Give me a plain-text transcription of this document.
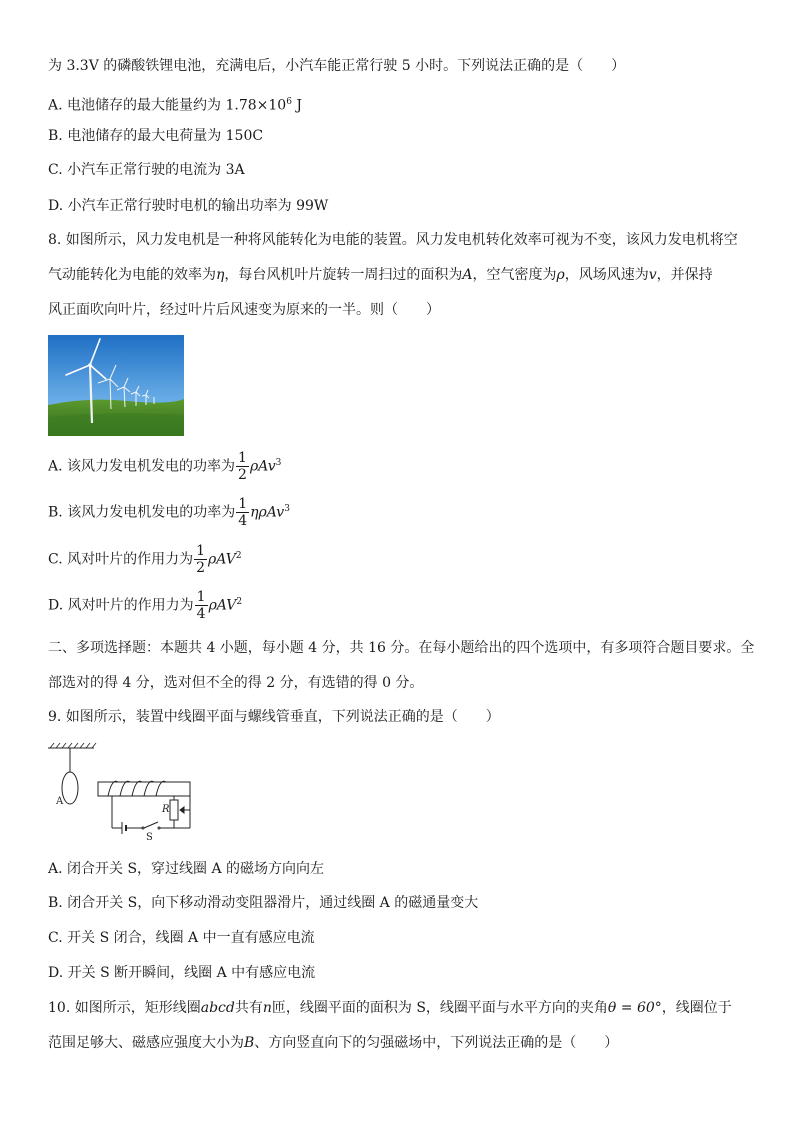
为 3.3V 的磷酸铁锂电池，充满电后，小汽车能正常行驶 5 小时。下列说法正确的是（　　）
A. 电池储存的最大能量约为 $1.78\times 10^6$ J
B. 电池储存的最大电荷量为 150C
C. 小汽车正常行驶的电流为 3A
D. 小汽车正常行驶时电机的输出功率为 99W
8. 如图所示，风力发电机是一种将风能转化为电能的装置。风力发电机转化效率可视为不变，该风力发电机将空
气动能转化为电能的效率为η，每台风机叶片旋转一周扫过的面积为A，空气密度为ρ，风场风速为v，并保持
风正面吹向叶片，经过叶片后风速变为原来的一半。则（　　）
A. 该风力发电机发电的功率为 $\frac{1}{2} \rho Av^3$
B. 该风力发电机发电的功率为 $\frac{1}{4} \eta\rho Av^3$
C. 风对叶片的作用力为 $\frac{1}{2} \rho AV^2$
D. 风对叶片的作用力为 $\frac{1}{4} \rho AV^2$
二、多项选择题：本题共 4 小题，每小题 4 分，共 16 分。在每小题给出的四个选项中，有多项符合题目要求。全
部选对的得 4 分，选对但不全的得 2 分，有选错的得 0 分。
9. 如图所示，装置中线圈平面与螺线管垂直，下列说法正确的是（　　）
A
R
S
A. 闭合开关 S，穿过线圈 A 的磁场方向向左
B. 闭合开关 S，向下移动滑动变阻器滑片，通过线圈 A 的磁通量变大
C. 开关 S 闭合，线圈 A 中一直有感应电流
D. 开关 S 断开瞬间，线圈 A 中有感应电流
10. 如图所示，矩形线圈abcd共有n匝，线圈平面的面积为 S，线圈平面与水平方向的夹角θ = 60°，线圈位于
范围足够大、磁感应强度大小为B、方向竖直向下的匀强磁场中，下列说法正确的是（　　）
